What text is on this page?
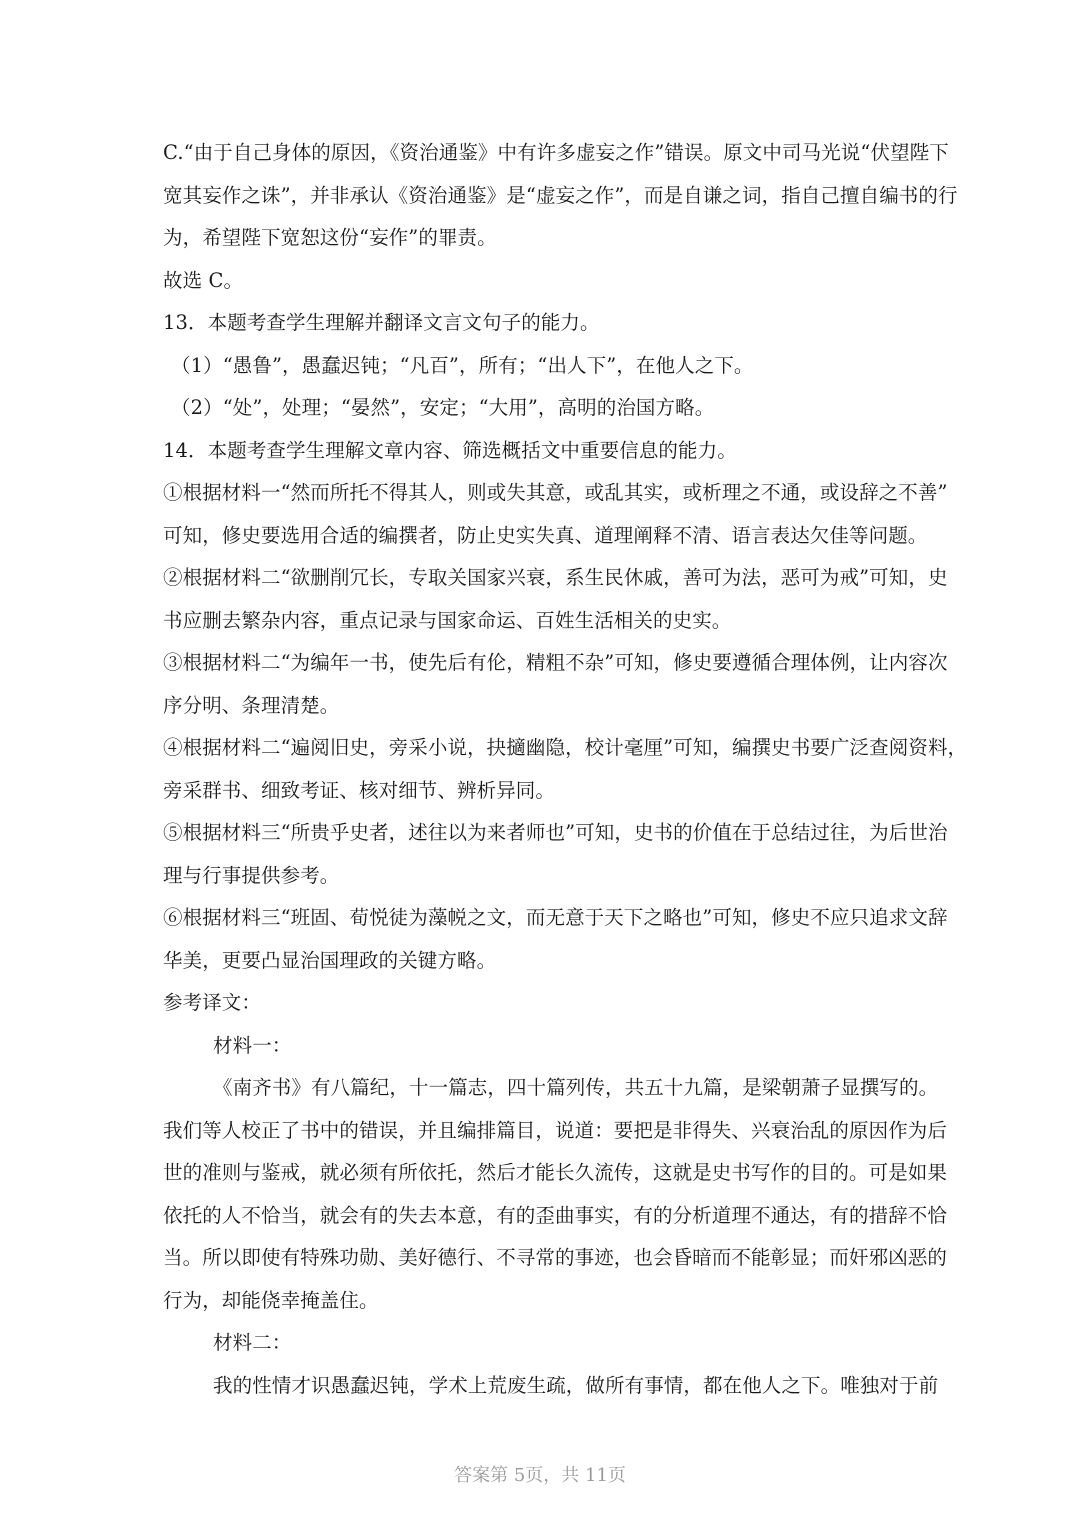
C.“由于自己身体的原因，《资治通鉴》中有许多虚妄之作”错误。原文中司马光说“伏望陛下
宽其妄作之诛”，并非承认《资治通鉴》是“虚妄之作”，而是自谦之词，指自己擅自编书的行
为，希望陛下宽恕这份“妄作”的罪责。
故选 C。
13．本题考查学生理解并翻译文言文句子的能力。
（1）“愚鲁”，愚蠢迟钝；“凡百”，所有；“出人下”，在他人之下。
（2）“处”，处理；“晏然”，安定；“大用”，高明的治国方略。
14．本题考查学生理解文章内容、筛选概括文中重要信息的能力。
①根据材料一“然而所托不得其人，则或失其意，或乱其实，或析理之不通，或设辞之不善”
可知，修史要选用合适的编撰者，防止史实失真、道理阐释不清、语言表达欠佳等问题。
②根据材料二“欲删削冗长，专取关国家兴衰，系生民休戚，善可为法，恶可为戒”可知，史
书应删去繁杂内容，重点记录与国家命运、百姓生活相关的史实。
③根据材料二“为编年一书，使先后有伦，精粗不杂”可知，修史要遵循合理体例，让内容次
序分明、条理清楚。
④根据材料二“遍阅旧史，旁采小说，抉擿幽隐，校计毫厘”可知，编撰史书要广泛查阅资料，
旁采群书、细致考证、核对细节、辨析异同。
⑤根据材料三“所贵乎史者，述往以为来者师也”可知，史书的价值在于总结过往，为后世治
理与行事提供参考。
⑥根据材料三“班固、荀悦徒为藻帨之文，而无意于天下之略也”可知，修史不应只追求文辞
华美，更要凸显治国理政的关键方略。
参考译文：
材料一：
《南齐书》有八篇纪，十一篇志，四十篇列传，共五十九篇，是梁朝萧子显撰写的。
我们等人校正了书中的错误，并且编排篇目，说道：要把是非得失、兴衰治乱的原因作为后
世的准则与鉴戒，就必须有所依托，然后才能长久流传，这就是史书写作的目的。可是如果
依托的人不恰当，就会有的失去本意，有的歪曲事实，有的分析道理不通达，有的措辞不恰
当。所以即使有特殊功勋、美好德行、不寻常的事迹，也会昏暗而不能彰显；而奸邪凶恶的
行为，却能侥幸掩盖住。
材料二：
我的性情才识愚蠢迟钝，学术上荒废生疏，做所有事情，都在他人之下。唯独对于前
答案第 5页，共 11页
